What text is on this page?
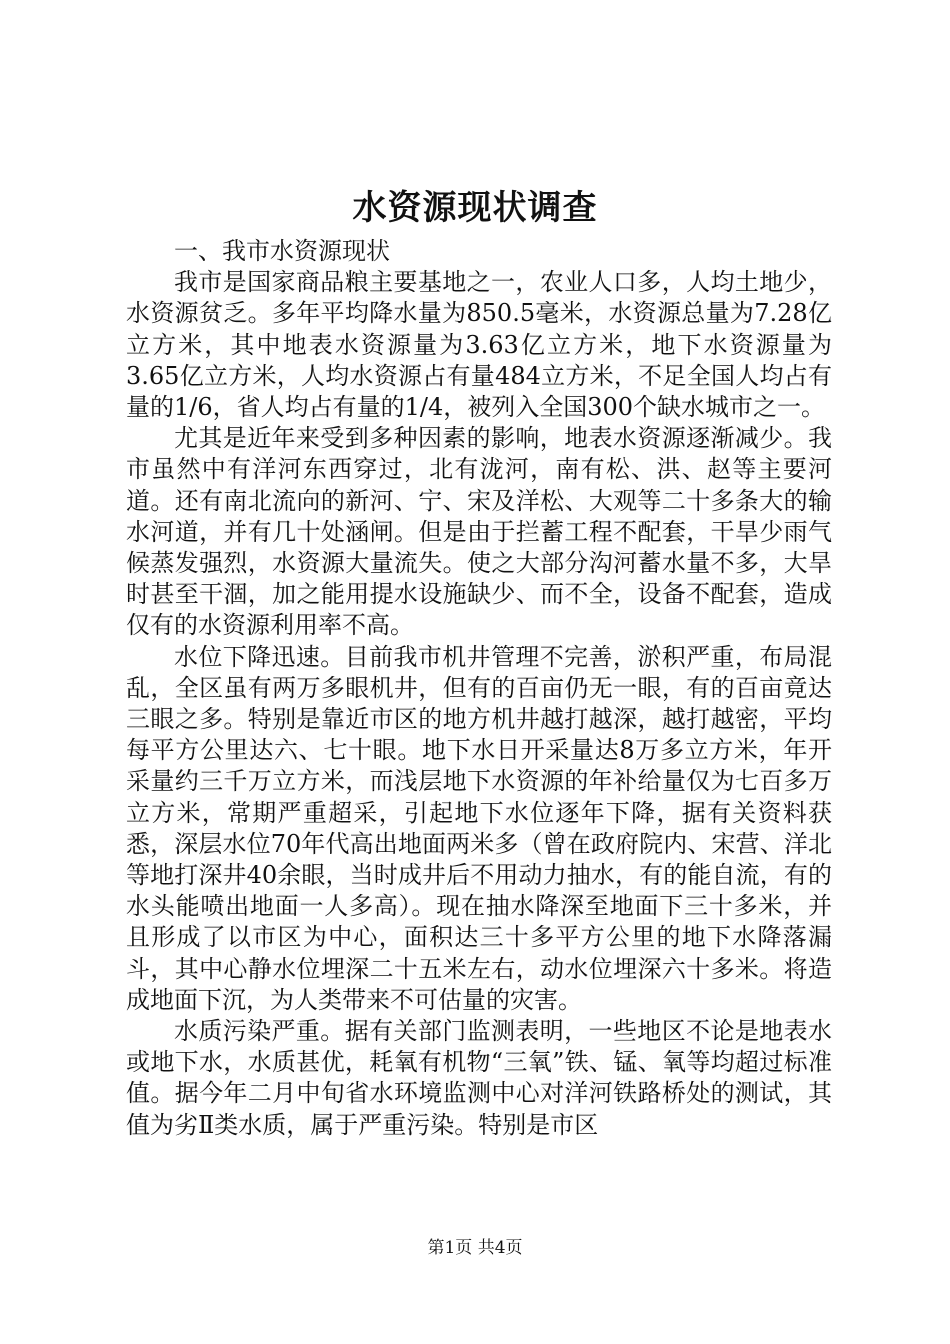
水资源现状调查

一、我市水资源现状

我市是国家商品粮主要基地之一，农业人口多，人均土地少，水资源贫乏。多年平均降水量为850.5毫米，水资源总量为7.28亿立方米，其中地表水资源量为3.63亿立方米，地下水资源量为3.65亿立方米，人均水资源占有量484立方米，不足全国人均占有量的1/6，省人均占有量的1/4，被列入全国300个缺水城市之一。

尤其是近年来受到多种因素的影响，地表水资源逐渐减少。我市虽然中有洋河东西穿过，北有泷河，南有松、洪、赵等主要河道。还有南北流向的新河、宁、宋及洋松、大观等二十多条大的输水河道，并有几十处涵闸。但是由于拦蓄工程不配套，干旱少雨气候蒸发强烈，水资源大量流失。使之大部分沟河蓄水量不多，大旱时甚至干涸，加之能用提水设施缺少、而不全，设备不配套，造成仅有的水资源利用率不高。

水位下降迅速。目前我市机井管理不完善，淤积严重，布局混乱，全区虽有两万多眼机井，但有的百亩仍无一眼，有的百亩竟达三眼之多。特别是靠近市区的地方机井越打越深，越打越密，平均每平方公里达六、七十眼。地下水日开采量达8万多立方米，年开采量约三千万立方米，而浅层地下水资源的年补给量仅为七百多万立方米，常期严重超采，引起地下水位逐年下降，据有关资料获悉，深层水位70年代高出地面两米多（曾在政府院内、宋营、洋北等地打深井40余眼，当时成井后不用动力抽水，有的能自流，有的水头能喷出地面一人多高）。现在抽水降深至地面下三十多米，并且形成了以市区为中心，面积达三十多平方公里的地下水降落漏斗，其中心静水位埋深二十五米左右，动水位埋深六十多米。将造成地面下沉，为人类带来不可估量的灾害。

水质污染严重。据有关部门监测表明，一些地区不论是地表水或地下水，水质甚优，耗氧有机物“三氧”铁、锰、氧等均超过标准值。据今年二月中旬省水环境监测中心对洋河铁路桥处的测试，其值为劣Ⅱ类水质，属于严重污染。特别是市区

第1页 共4页
